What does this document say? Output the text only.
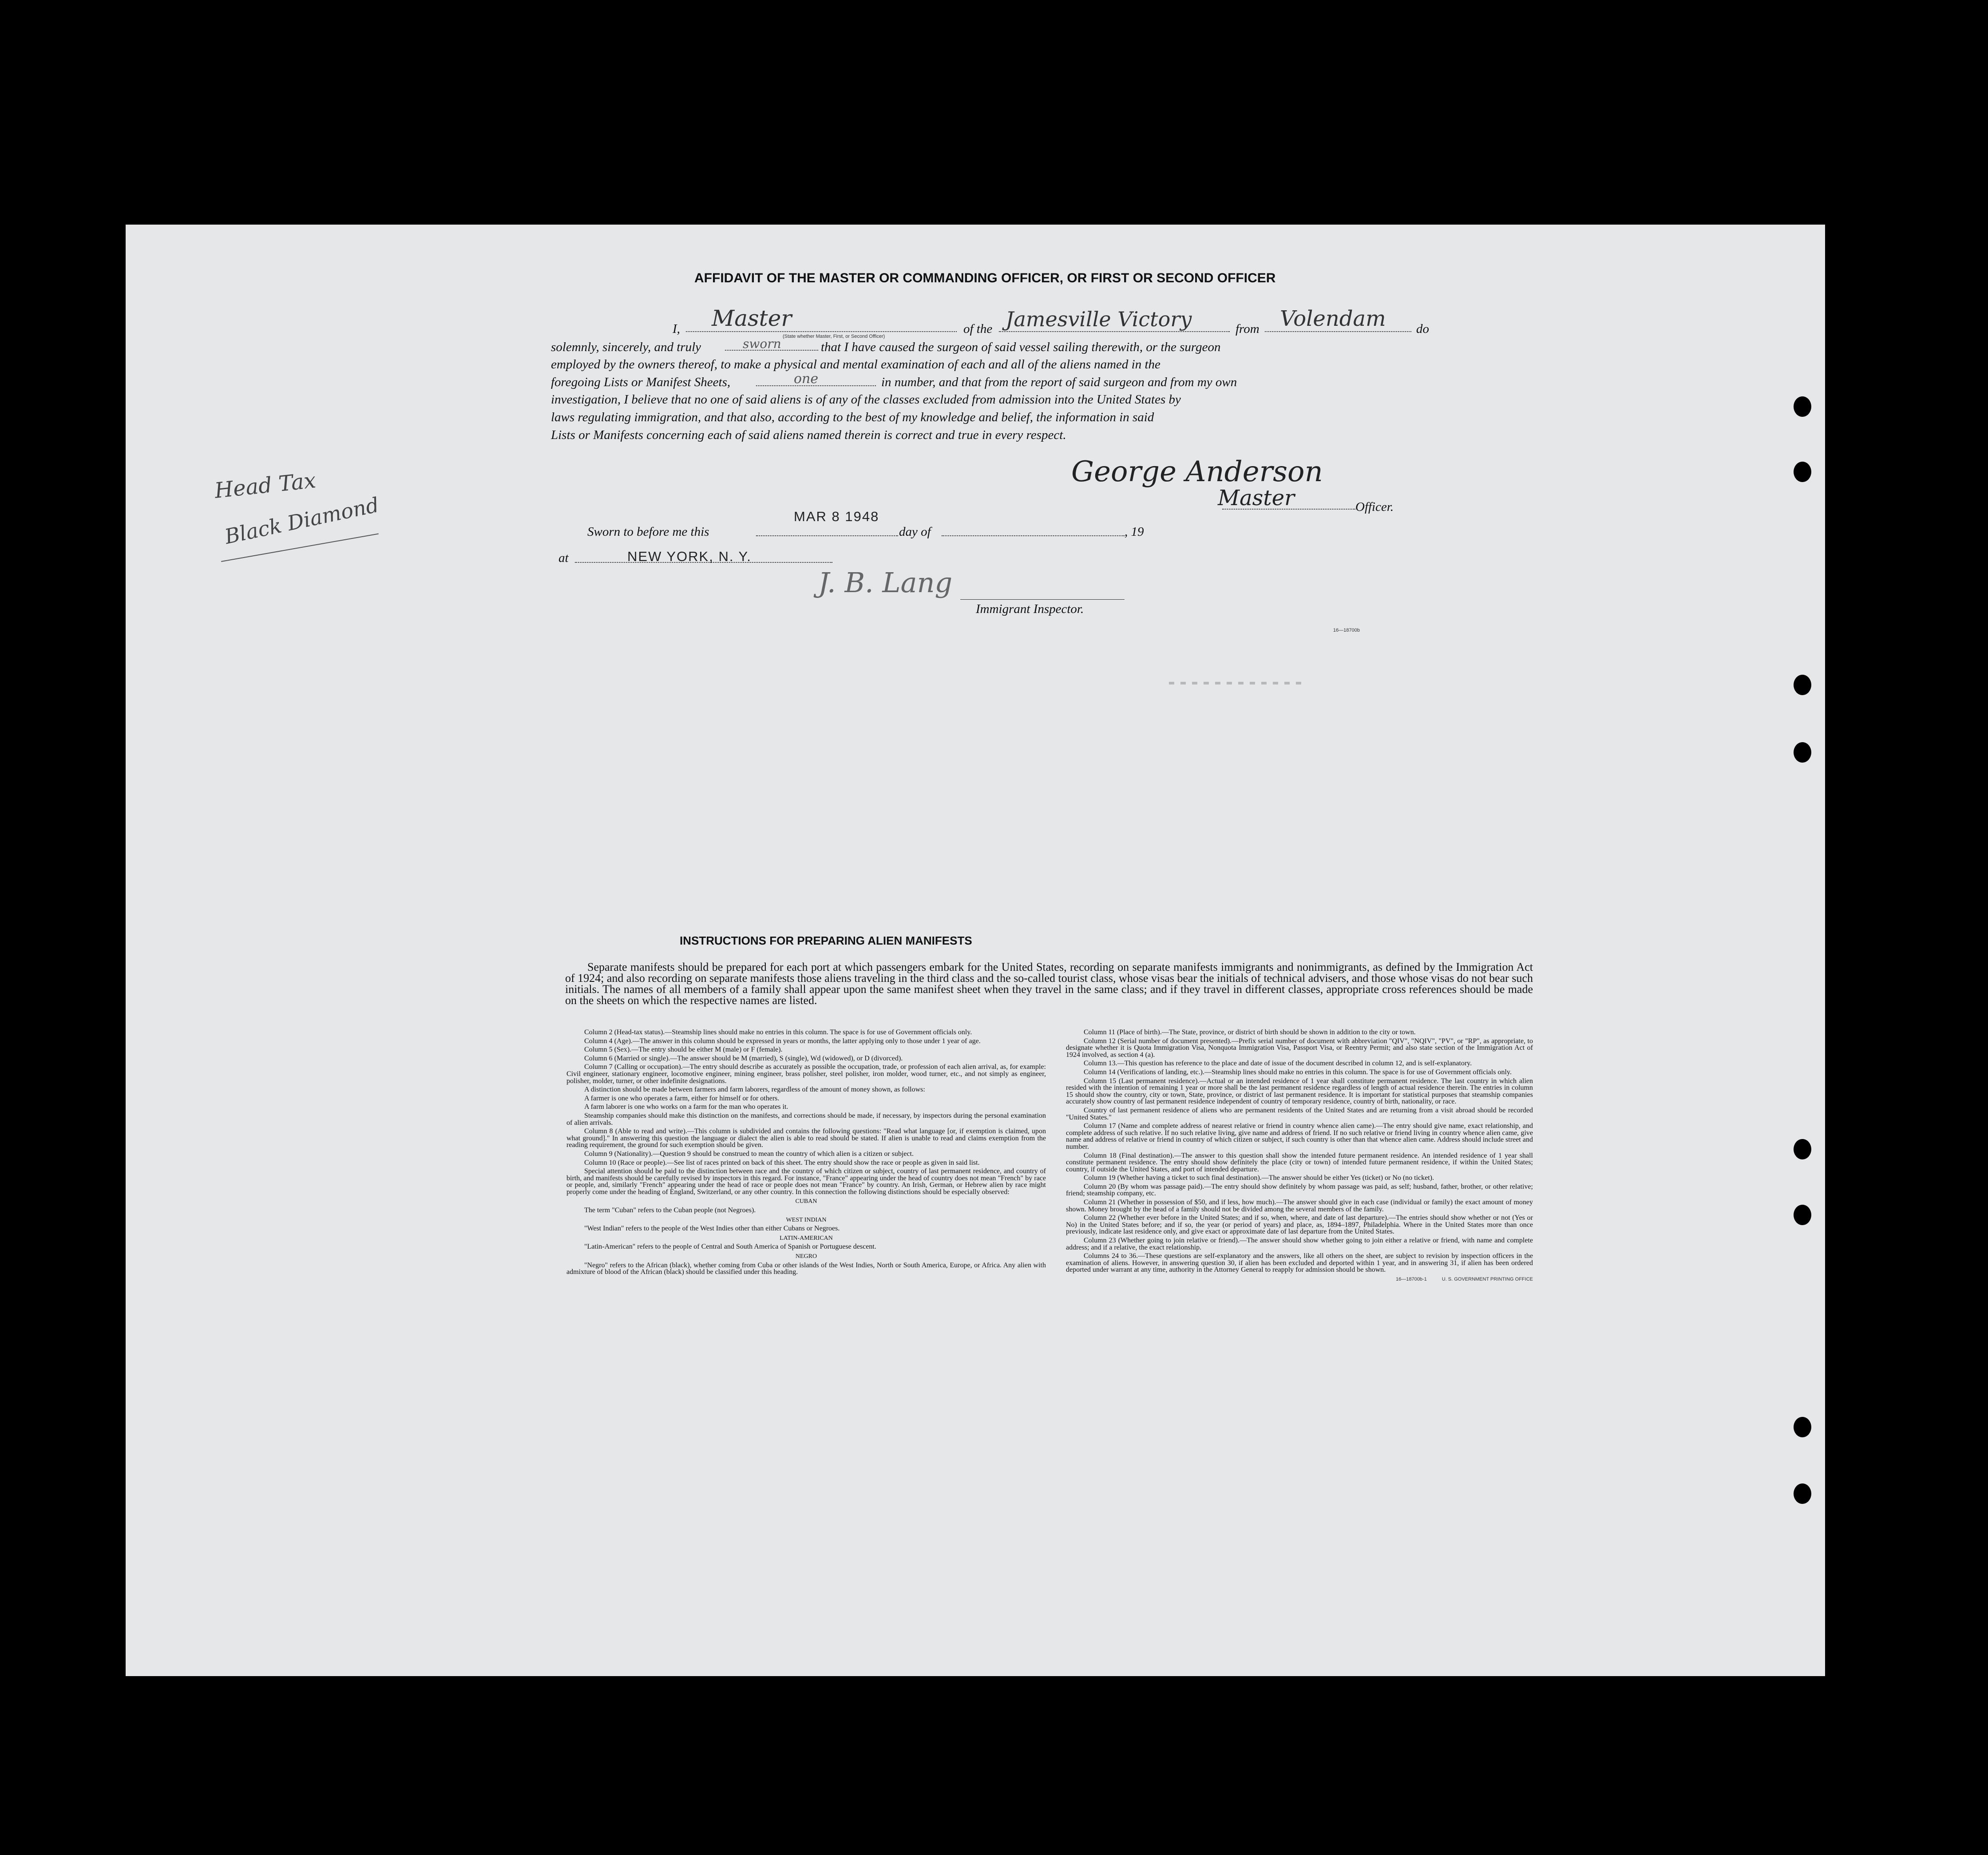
AFFIDAVIT OF THE MASTER OR COMMANDING OFFICER, OR FIRST OR SECOND OFFICER
I, Master
(State whether Master, First, or Second Officer)
of the Jamesville Victory	from Volendam do
solemnly, sincerely, and truly	sworn	that I have caused the surgeon of said vessel sailing therewith, or the surgeon
employed by the owners thereof, to make a physical and mental examination of each and all of the aliens named in the
foregoing Lists or Manifest Sheets,	one	in number, and that from the report of said surgeon and from my own
investigation, I believe that no one of said aliens is of any of the classes excluded from admission into the United States by
laws regulating immigration, and that also, according to the best of my knowledge and belief, the information in said
Lists or Manifests concerning each of said aliens named therein is correct and true in every respect.
George Anderson
Master	Officer.
Sworn to before me this
MAR 8 1948
day of	, 19
at	NEW YORK, N. Y.
J. B. Lang
Immigrant Inspector.
16—18700b
Head Tax
Black Diamond
INSTRUCTIONS FOR PREPARING ALIEN MANIFESTS

Separate manifests should be prepared for each port at which passengers embark for the United States, recording on separate manifests immigrants and nonimmigrants, as defined by the Immigration Act of 1924; and also recording on separate manifests those aliens traveling in the third class and the so-called tourist class, whose visas bear the initials of technical advisers, and those whose visas do not bear such initials. The names of all members of a family shall appear upon the same manifest sheet when they travel in the same class; and if they travel in different classes, appropriate cross references should be made on the sheets on which the respective names are listed.

Column 2 (Head-tax status).—Steamship lines should make no entries in this column. The space is for use of Government officials only.

Column 4 (Age).—The answer in this column should be expressed in years or months, the latter applying only to those under 1 year of age.

Column 5 (Sex).—The entry should be either M (male) or F (female).

Column 6 (Married or single).—The answer should be M (married), S (single), Wd (widowed), or D (divorced).

Column 7 (Calling or occupation).—The entry should describe as accurately as possible the occupation, trade, or profession of each alien arrival, as, for example: Civil engineer, stationary engineer, locomotive engineer, mining engineer, brass polisher, steel polisher, iron molder, wood turner, etc., and not simply as engineer, polisher, molder, turner, or other indefinite designations.

A distinction should be made between farmers and farm laborers, regardless of the amount of money shown, as follows:

A farmer is one who operates a farm, either for himself or for others.

A farm laborer is one who works on a farm for the man who operates it.

Steamship companies should make this distinction on the manifests, and corrections should be made, if necessary, by inspectors during the personal examination of alien arrivals.

Column 8 (Able to read and write).—This column is subdivided and contains the following questions: "Read what language [or, if exemption is claimed, upon what ground]." In answering this question the language or dialect the alien is able to read should be stated. If alien is unable to read and claims exemption from the reading requirement, the ground for such exemption should be given.

Column 9 (Nationality).—Question 9 should be construed to mean the country of which alien is a citizen or subject.

Column 10 (Race or people).—See list of races printed on back of this sheet. The entry should show the race or people as given in said list.

Special attention should be paid to the distinction between race and the country of which citizen or subject, country of last permanent residence, and country of birth, and manifests should be carefully revised by inspectors in this regard. For instance, "France" appearing under the head of country does not mean "French" by race or people, and, similarly "French" appearing under the head of race or people does not mean "France" by country. An Irish, German, or Hebrew alien by race might properly come under the heading of England, Switzerland, or any other country. In this connection the following distinctions should be especially observed:

CUBAN

The term "Cuban" refers to the Cuban people (not Negroes).

WEST INDIAN

"West Indian" refers to the people of the West Indies other than either Cubans or Negroes.

LATIN-AMERICAN

"Latin-American" refers to the people of Central and South America of Spanish or Portuguese descent.

NEGRO

"Negro" refers to the African (black), whether coming from Cuba or other islands of the West Indies, North or South America, Europe, or Africa. Any alien with admixture of blood of the African (black) should be classified under this heading.

Column 11 (Place of birth).—The State, province, or district of birth should be shown in addition to the city or town.

Column 12 (Serial number of document presented).—Prefix serial number of document with abbreviation "QIV", "NQIV", "PV", or "RP", as appropriate, to designate whether it is Quota Immigration Visa, Nonquota Immigration Visa, Passport Visa, or Reentry Permit; and also state section of the Immigration Act of 1924 involved, as section 4 (a).

Column 13.—This question has reference to the place and date of issue of the document described in column 12, and is self-explanatory.

Column 14 (Verifications of landing, etc.).—Steamship lines should make no entries in this column. The space is for use of Government officials only.

Column 15 (Last permanent residence).—Actual or an intended residence of 1 year shall constitute permanent residence. The last country in which alien resided with the intention of remaining 1 year or more shall be the last permanent residence regardless of length of actual residence therein. The entries in column 15 should show the country, city or town, State, province, or district of last permanent residence. It is important for statistical purposes that steamship companies accurately show country of last permanent residence independent of country of temporary residence, country of birth, nationality, or race.

Country of last permanent residence of aliens who are permanent residents of the United States and are returning from a visit abroad should be recorded "United States."

Column 17 (Name and complete address of nearest relative or friend in country whence alien came).—The entry should give name, exact relationship, and complete address of such relative. If no such relative living, give name and address of friend. If no such relative or friend living in country whence alien came, give name and address of relative or friend in country of which citizen or subject, if such country is other than that whence alien came. Address should include street and number.

Column 18 (Final destination).—The answer to this question shall show the intended future permanent residence. An intended residence of 1 year shall constitute permanent residence. The entry should show definitely the place (city or town) of intended future permanent residence, if within the United States; country, if outside the United States, and port of intended departure.

Column 19 (Whether having a ticket to such final destination).—The answer should be either Yes (ticket) or No (no ticket).

Column 20 (By whom was passage paid).—The entry should show definitely by whom passage was paid, as self; husband, father, brother, or other relative; friend; steamship company, etc.

Column 21 (Whether in possession of $50, and if less, how much).—The answer should give in each case (individual or family) the exact amount of money shown. Money brought by the head of a family should not be divided among the several members of the family.

Column 22 (Whether ever before in the United States; and if so, when, where, and date of last departure).—The entries should show whether or not (Yes or No) in the United States before; and if so, the year (or period of years) and place, as, 1894–1897, Philadelphia. Where in the United States more than once previously, indicate last residence only, and give exact or approximate date of last departure from the United States.

Column 23 (Whether going to join relative or friend).—The answer should show whether going to join either a relative or friend, with name and complete address; and if a relative, the exact relationship.

Columns 24 to 36.—These questions are self-explanatory and the answers, like all others on the sheet, are subject to revision by inspection officers in the examination of aliens. However, in answering question 30, if alien has been excluded and deported within 1 year, and in answering 31, if alien has been ordered deported under warrant at any time, authority in the Attorney General to reapply for admission should be shown.

16—18700b-1	U. S. GOVERNMENT PRINTING OFFICE
